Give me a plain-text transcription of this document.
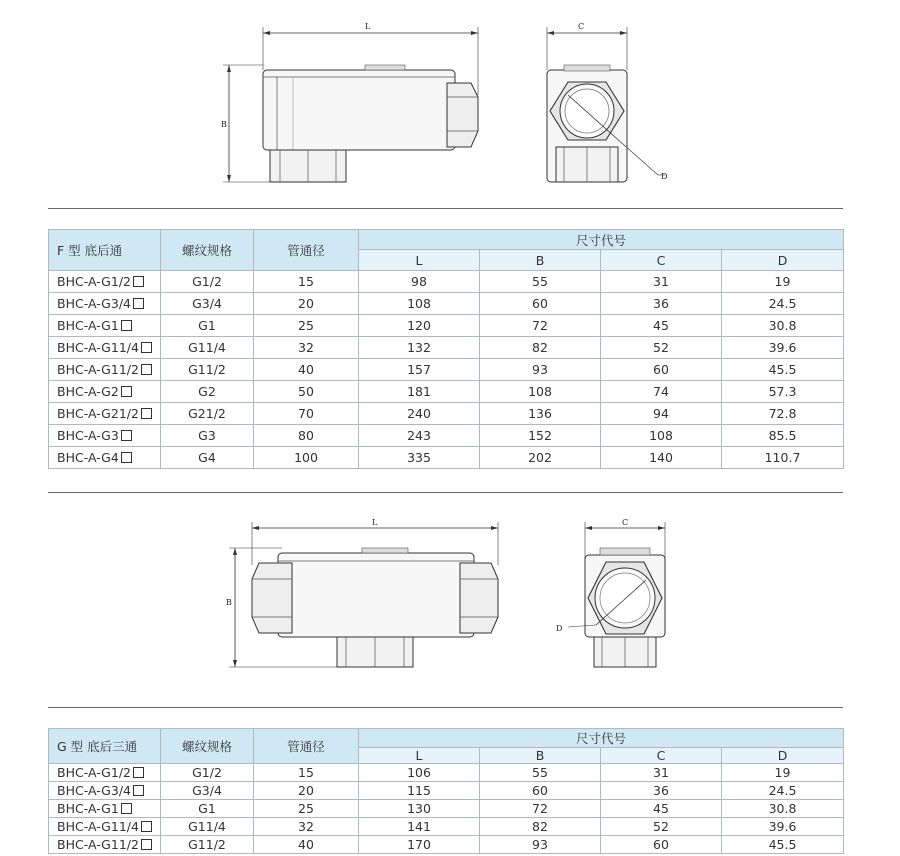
L
B
C
D
F 型 底后通	螺纹规格	管通径	尺寸代号			
			L	B	C	D
BHC-A-G1/2	G1/2	15	98	55	31	19
BHC-A-G3/4	G3/4	20	108	60	36	24.5
BHC-A-G1	G1	25	120	72	45	30.8
BHC-A-G11/4	G11/4	32	132	82	52	39.6
BHC-A-G11/2	G11/2	40	157	93	60	45.5
BHC-A-G2	G2	50	181	108	74	57.3
BHC-A-G21/2	G21/2	70	240	136	94	72.8
BHC-A-G3	G3	80	243	152	108	85.5
BHC-A-G4	G4	100	335	202	140	110.7
L
B
C
D
G 型 底后三通	螺纹规格	管通径	尺寸代号			
			L	B	C	D
BHC-A-G1/2	G1/2	15	106	55	31	19
BHC-A-G3/4	G3/4	20	115	60	36	24.5
BHC-A-G1	G1	25	130	72	45	30.8
BHC-A-G11/4	G11/4	32	141	82	52	39.6
BHC-A-G11/2	G11/2	40	170	93	60	45.5
